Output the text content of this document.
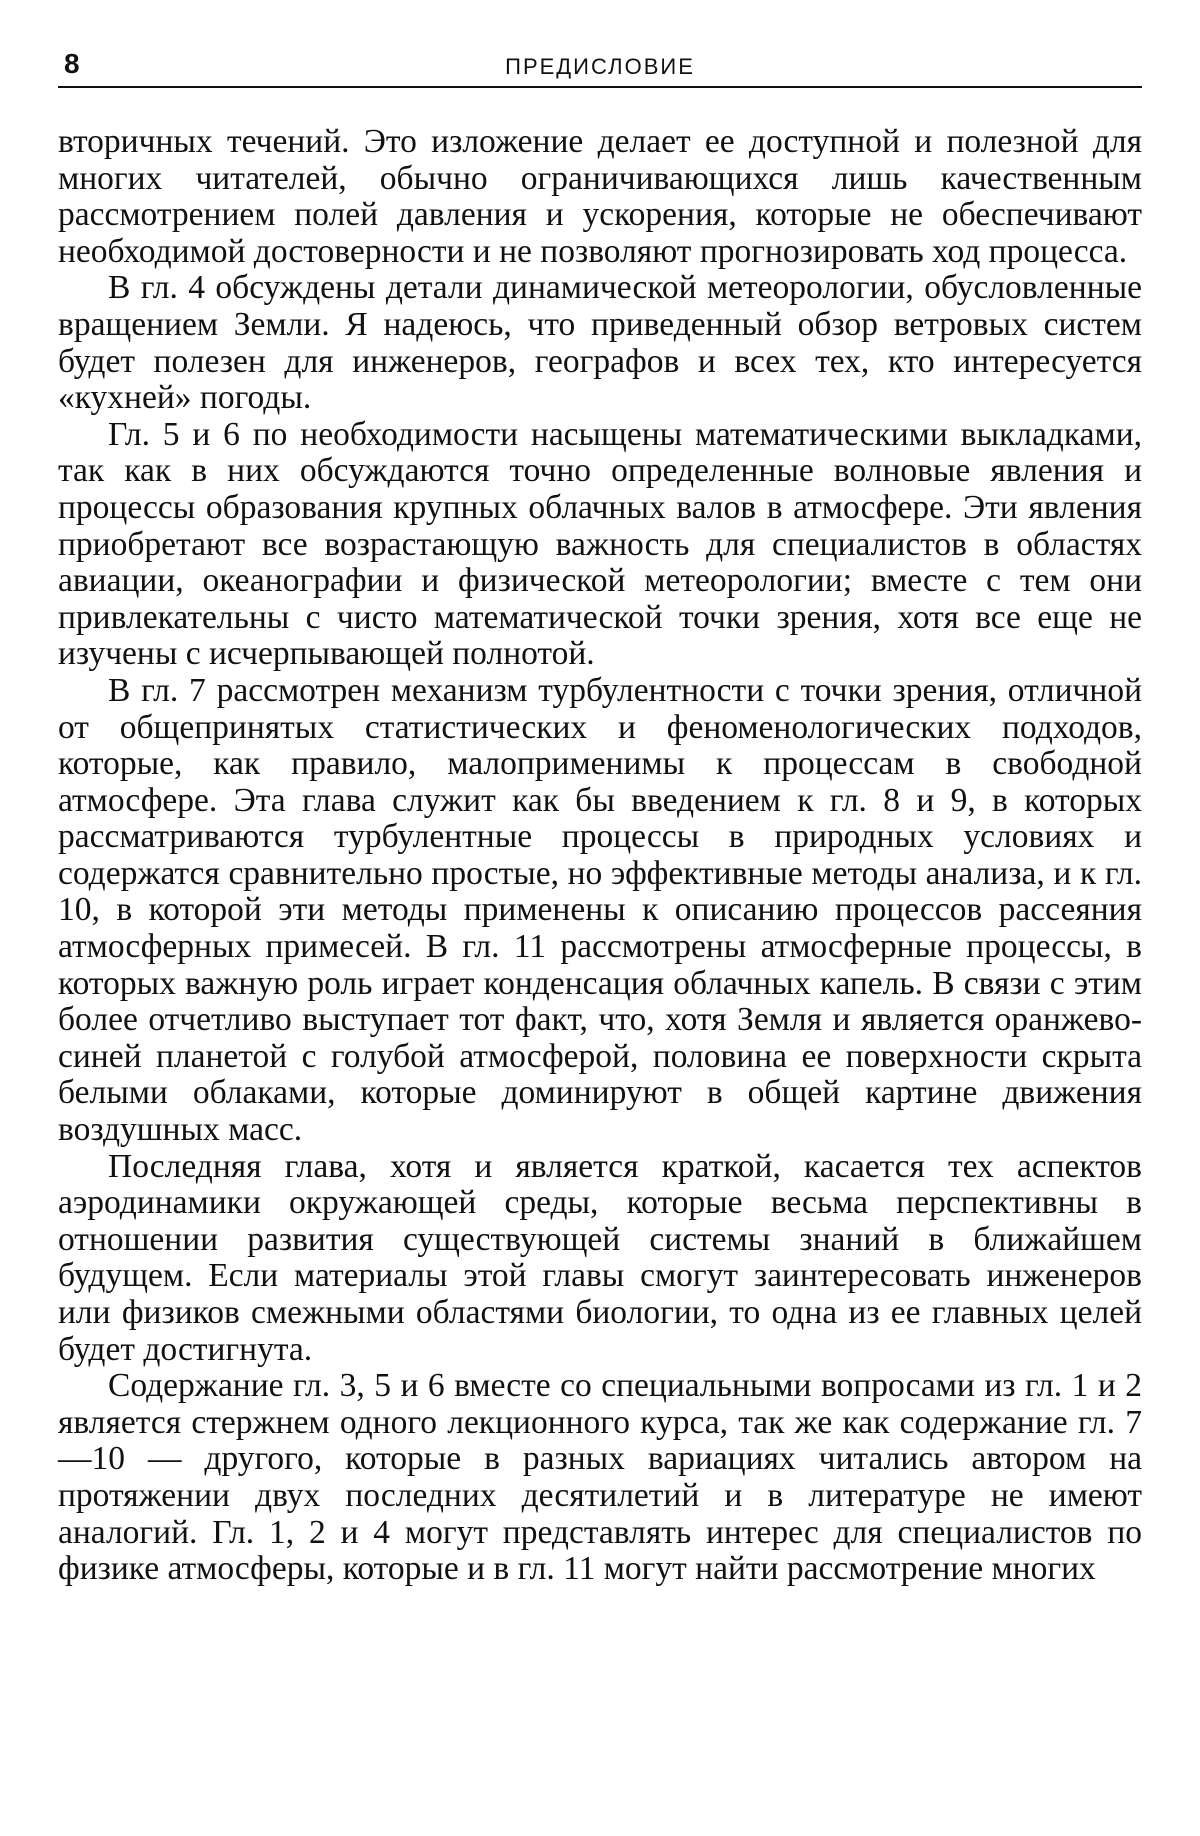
8	ПРЕДИСЛОВИЕ

вторичных течений. Это изложение делает ее доступной и полезной для многих читателей, обычно ограничивающихся лишь качественным рассмотрением полей давления и ускорения, которые не обеспечивают необходимой достоверности и не позволяют прогнозировать ход процесса.

В гл. 4 обсуждены детали динамической метеорологии, обусловленные вращением Земли. Я надеюсь, что приведенный обзор ветровых систем будет полезен для инженеров, географов и всех тех, кто интересуется «кухней» погоды.

Гл. 5 и 6 по необходимости насыщены математическими выкладками, так как в них обсуждаются точно определенные волновые явления и процессы образования крупных облачных валов в атмосфере. Эти явления приобретают все возрастающую важность для специалистов в областях авиации, океанографии и физической метеорологии; вместе с тем они привлекательны с чисто математической точки зрения, хотя все еще не изучены с исчерпывающей полнотой.

В гл. 7 рассмотрен механизм турбулентности с точки зрения, отличной от общепринятых статистических и феноменологических подходов, которые, как правило, малоприменимы к процессам в свободной атмосфере. Эта глава служит как бы введением к гл. 8 и 9, в которых рассматриваются турбулентные процессы в природных условиях и содержатся сравнительно простые, но эффективные методы анализа, и к гл. 10, в которой эти методы применены к описанию процессов рассеяния атмосферных примесей. В гл. 11 рассмотрены атмосферные процессы, в которых важную роль играет конденсация облачных капель. В связи с этим более отчетливо выступает тот факт, что, хотя Земля и является оранжево-синей планетой с голубой атмосферой, половина ее поверхности скрыта белыми облаками, которые доминируют в общей картине движения воздушных масс.

Последняя глава, хотя и является краткой, касается тех аспектов аэродинамики окружающей среды, которые весьма перспективны в отношении развития существующей системы знаний в ближайшем будущем. Если материалы этой главы смогут заинтересовать инженеров или физиков смежными областями биологии, то одна из ее главных целей будет достигнута.

Содержание гл. 3, 5 и 6 вместе со специальными вопросами из гл. 1 и 2 является стержнем одного лекционного курса, так же как содержание гл. 7—10 — другого, которые в разных вариациях читались автором на протяжении двух последних десятилетий и в литературе не имеют аналогий. Гл. 1, 2 и 4 могут представлять интерес для специалистов по физике атмосферы, которые и в гл. 11 могут найти рассмотрение многих
